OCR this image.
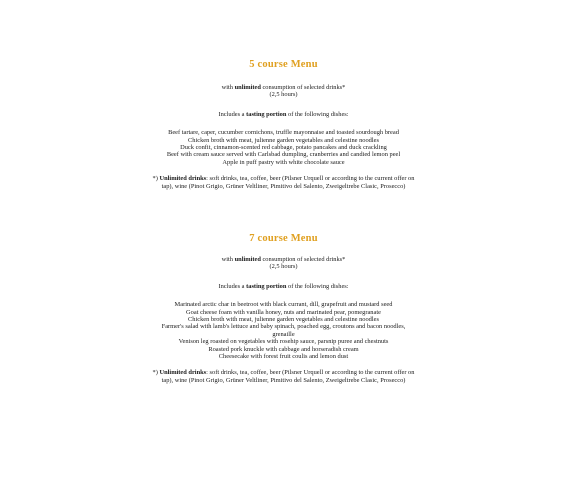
5 course Menu
with unlimited consumption of selected drinks*
(2,5 hours)
Includes a tasting portion of the following dishes:
Beef tartare, caper, cucumber cornichons, truffle mayonnaise and toasted sourdough bread
Chicken broth with meat, julienne garden vegetables and celestine noodles
Duck confit, cinnamon-scented red cabbage, potato pancakes and duck crackling
Beef with cream sauce served with Carlsbad dumpling, cranberries and candied lemon peel
Apple in puff pastry with white chocolate sauce
*) Unlimited drinks: soft drinks, tea, coffee, beer (Pilsner Urquell or according to the current offer on tap), wine (Pinot Grigio, Grüner Veltliner, Pimitivo del Salento, Zweigeltrebe Clasic, Prosecco)
7 course Menu
with unlimited consumption of selected drinks*
(2,5 hours)
Includes a tasting portion of the following dishes:
Marinated arctic char in beetroot with black currant, dill, grapefruit and mustard seed
Goat cheese foam with vanilla honey, nuts and marinated pear, pomegranate
Chicken broth with meat, julienne garden vegetables and celestine noodles
Farmer's salad with lamb's lettuce and baby spinach, poached egg, croutons and bacon noodles, grenaille
Venison leg roasted on vegetables with rosehip sauce, parsnip puree and chestnuts
Roasted pork knuckle with cabbage and horseradish cream
Cheesecake with forest fruit coulis and lemon dust
*) Unlimited drinks: soft drinks, tea, coffee, beer (Pilsner Urquell or according to the current offer on tap), wine (Pinot Grigio, Grüner Veltliner, Pimitivo del Salento, Zweigeltrebe Clasic, Prosecco)
